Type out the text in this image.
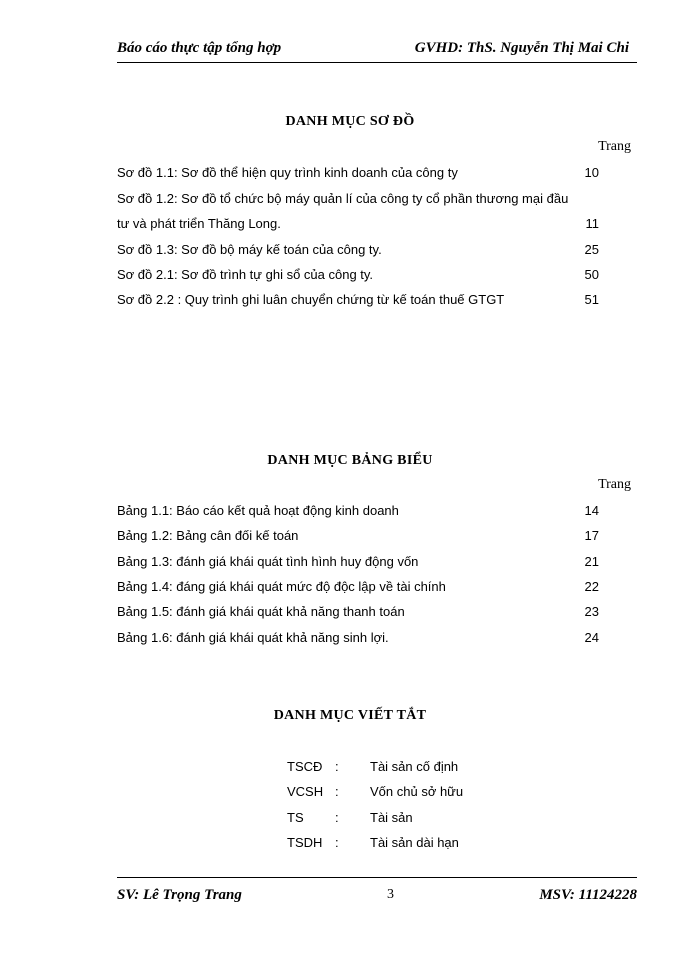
Báo cáo thực tập tổng hợp	GVHD: ThS. Nguyễn Thị Mai Chi
DANH MỤC SƠ ĐỒ
Trang
Sơ đồ 1.1: Sơ đồ thể hiện quy trình kinh doanh của công ty	10
Sơ đồ 1.2: Sơ đồ tổ chức bộ máy quản lí của công ty cổ phần thương mại đầu
tư và phát triển Thăng Long.	11
Sơ đồ 1.3: Sơ đồ bộ máy kế toán của công ty.	25
Sơ đồ 2.1: Sơ đồ trình tự ghi sổ của công ty.	50
Sơ đồ 2.2 : Quy trình ghi luân chuyển chứng từ kế toán thuế GTGT	51
DANH MỤC BẢNG BIỂU
Trang
Bảng 1.1: Báo cáo kết quả hoạt động kinh doanh	14
Bảng 1.2: Bảng cân đối kế toán	17
Bảng 1.3: đánh giá khái quát tình hình huy động vốn	21
Bảng 1.4: đáng giá khái quát mức độ độc lập về tài chính	22
Bảng 1.5: đánh giá khái quát khả năng thanh toán	23
Bảng 1.6: đánh giá khái quát khả năng sinh lợi.	24
DANH MỤC VIẾT TẮT
TSCĐ : Tài sản cố định
VCSH : Vốn chủ sở hữu
TS : Tài sản
TSDH : Tài sản dài hạn
SV: Lê Trọng Trang	3	MSV: 11124228
